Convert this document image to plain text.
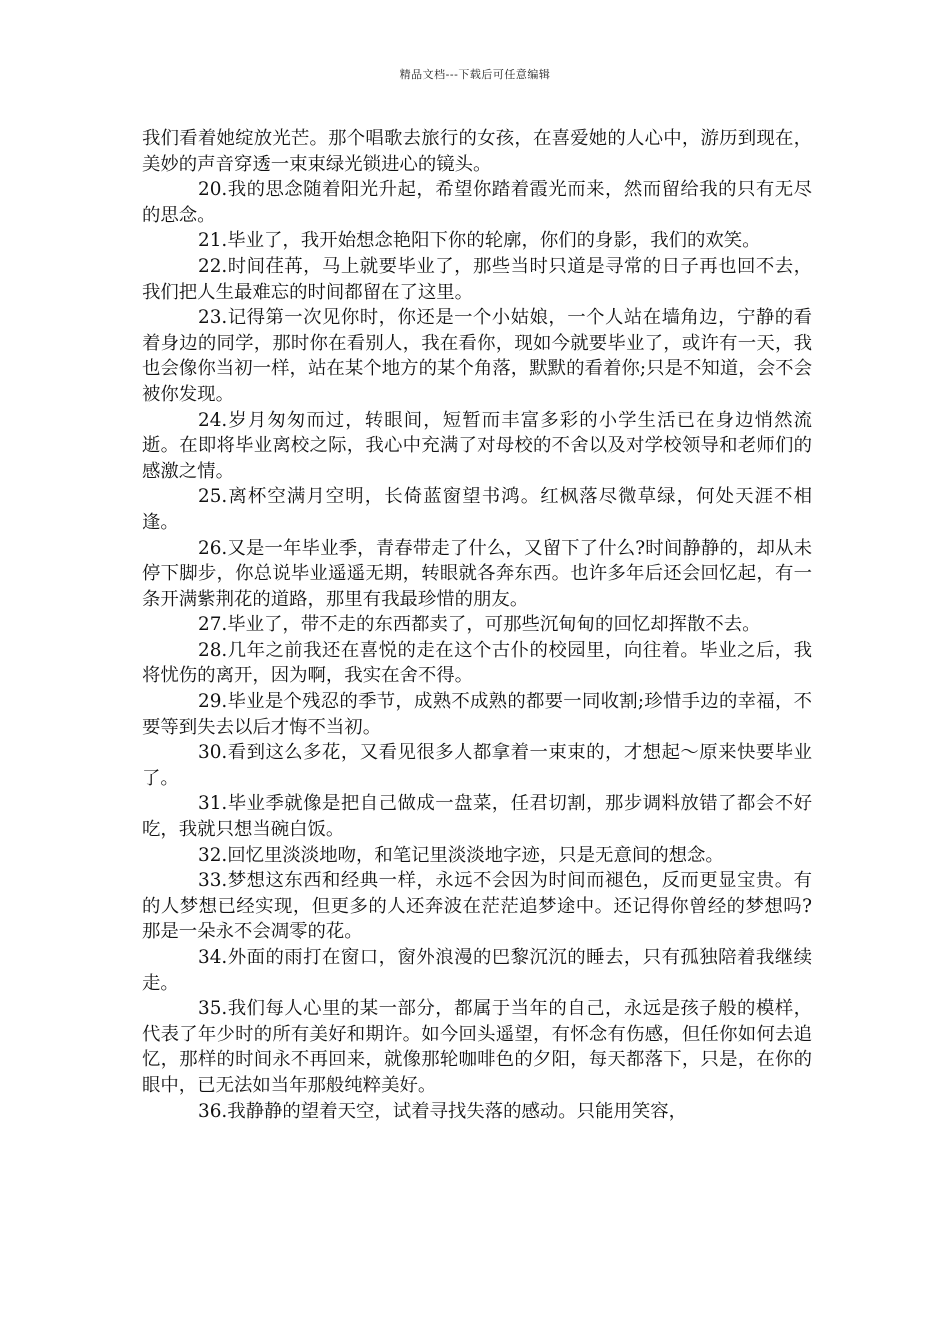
精品文档---下载后可任意编辑

我们看着她绽放光芒。那个唱歌去旅行的女孩，在喜爱她的人心中，游历到现在，美妙的声音穿透一束束绿光锁进心的镜头。

20.我的思念随着阳光升起，希望你踏着霞光而来，然而留给我的只有无尽的思念。

21.毕业了，我开始想念艳阳下你的轮廓，你们的身影，我们的欢笑。

22.时间荏苒，马上就要毕业了，那些当时只道是寻常的日子再也回不去，我们把人生最难忘的时间都留在了这里。

23.记得第一次见你时，你还是一个小姑娘，一个人站在墙角边，宁静的看着身边的同学，那时你在看别人，我在看你，现如今就要毕业了，或许有一天，我也会像你当初一样，站在某个地方的某个角落，默默的看着你;只是不知道，会不会被你发现。

24.岁月匆匆而过，转眼间，短暂而丰富多彩的小学生活已在身边悄然流逝。在即将毕业离校之际，我心中充满了对母校的不舍以及对学校领导和老师们的感激之情。

25.离杯空满月空明，长倚蓝窗望书鸿。红枫落尽微草绿，何处天涯不相逢。

26.又是一年毕业季，青春带走了什么，又留下了什么?时间静静的，却从未停下脚步，你总说毕业遥遥无期，转眼就各奔东西。也许多年后还会回忆起，有一条开满紫荆花的道路，那里有我最珍惜的朋友。

27.毕业了，带不走的东西都卖了，可那些沉甸甸的回忆却挥散不去。

28.几年之前我还在喜悦的走在这个古仆的校园里，向往着。毕业之后，我将忧伤的离开，因为啊，我实在舍不得。

29.毕业是个残忍的季节，成熟不成熟的都要一同收割;珍惜手边的幸福，不要等到失去以后才悔不当初。

30.看到这么多花，又看见很多人都拿着一束束的，才想起～原来快要毕业了。

31.毕业季就像是把自己做成一盘菜，任君切割，那步调料放错了都会不好吃，我就只想当碗白饭。

32.回忆里淡淡地吻，和笔记里淡淡地字迹，只是无意间的想念。

33.梦想这东西和经典一样，永远不会因为时间而褪色，反而更显宝贵。有的人梦想已经实现，但更多的人还奔波在茫茫追梦途中。还记得你曾经的梦想吗?那是一朵永不会凋零的花。

34.外面的雨打在窗口，窗外浪漫的巴黎沉沉的睡去，只有孤独陪着我继续走。

35.我们每人心里的某一部分，都属于当年的自己，永远是孩子般的模样，代表了年少时的所有美好和期许。如今回头遥望，有怀念有伤感，但任你如何去追忆，那样的时间永不再回来，就像那轮咖啡色的夕阳，每天都落下，只是，在你的眼中，已无法如当年那般纯粹美好。

36.我静静的望着天空，试着寻找失落的感动。只能用笑容，
